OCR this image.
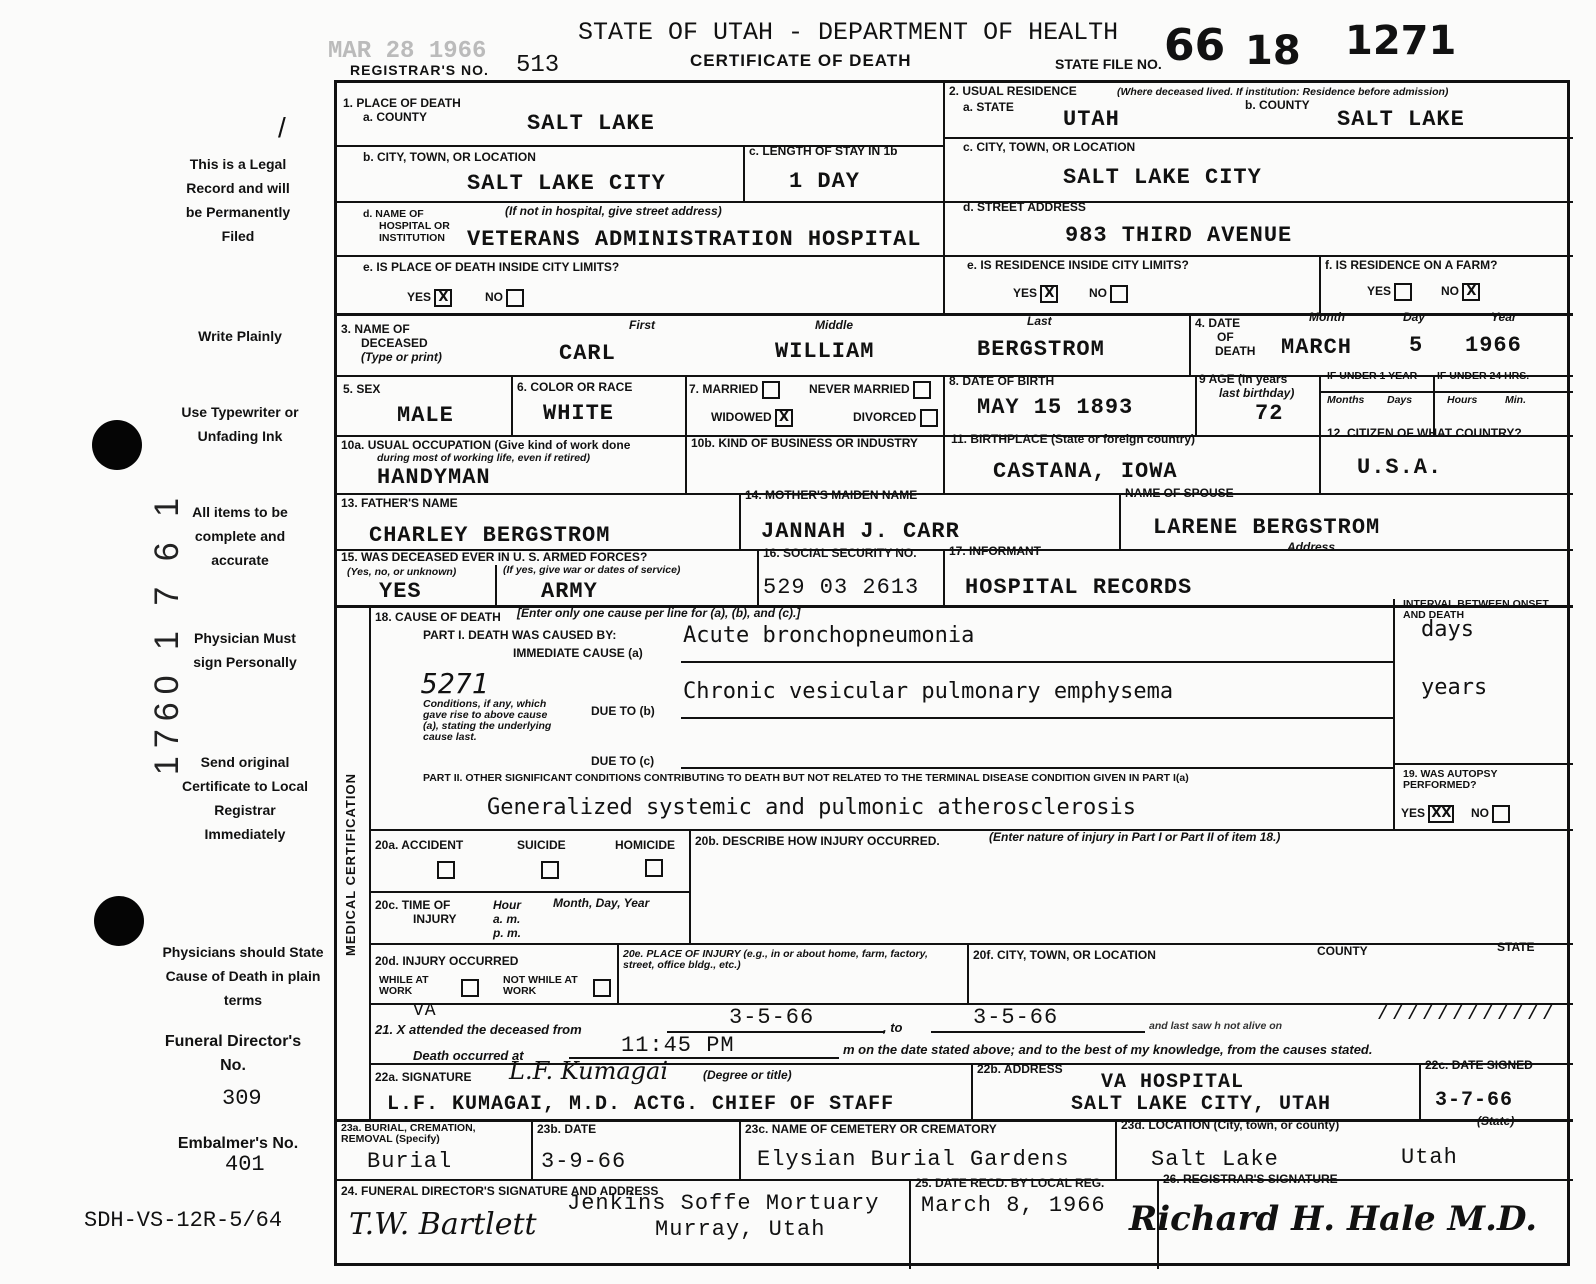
MAR 28 1966
STATE OF UTAH - DEPARTMENT OF HEALTH
REGISTRAR'S NO. 513	CERTIFICATE OF DEATH	STATE FILE NO. 66 18 1271
/
This is a Legal Record and will be Permanently Filed
Write Plainly
Use Typewriter or Unfading Ink
All items to be complete and accurate
Physician Must sign Personally
Send original Certificate to Local Registrar Immediately
Physicians should State Cause of Death in plain terms
Funeral Director's No.
309
Embalmer's No.
401
SDH-VS-12R-5/64
1760 1 7 6 1
1. PLACE OF DEATH
a. COUNTY	SALT LAKE
b. CITY, TOWN, OR LOCATION
SALT LAKE CITY
c. LENGTH OF STAY IN 1b
1 DAY
d. NAME OF
HOSPITAL OR
INSTITUTION
(If not in hospital, give street address)
VETERANS ADMINISTRATION HOSPITAL
e. IS PLACE OF DEATH INSIDE CITY LIMITS?
YES X	NO
2. USUAL RESIDENCE	(Where deceased lived. If institution: Residence before admission)
a. STATE UTAH
b. COUNTY
SALT LAKE
c. CITY, TOWN, OR LOCATION
SALT LAKE CITY
d. STREET ADDRESS
983 THIRD AVENUE
e. IS RESIDENCE INSIDE CITY LIMITS?
YES X	NO
f. IS RESIDENCE ON A FARM?
YES	NO X
3. NAME OF
DECEASED
(Type or print)
First	Middle	Last
CARL	WILLIAM	BERGSTROM
4. DATE
OF
DEATH
Month	Day	Year
MARCH	5 1966
5. SEX
MALE
6. COLOR OR RACE
WHITE
7. MARRIED	NEVER MARRIED
WIDOWED X	DIVORCED
8. DATE OF BIRTH
MAY 15 1893
9 AGE (In years
last birthday)
72
IF UNDER 1 YEAR IF UNDER 24 HRS.
Months Days	Hours	Min.
10a. USUAL OCCUPATION (Give kind of work done
during most of working life, even if retired)
HANDYMAN
10b. KIND OF BUSINESS OR INDUSTRY	11. BIRTHPLACE (State or foreign country)
CASTANA, IOWA
12. CITIZEN OF WHAT COUNTRY?
U.S.A.
13. FATHER'S NAME
CHARLEY BERGSTROM
14. MOTHER'S MAIDEN NAME
JANNAH J. CARR
NAME OF SPOUSE
LARENE BERGSTROM
15. WAS DECEASED EVER IN U. S. ARMED FORCES?
(Yes, no, or unknown)	(If yes, give war or dates of service)
YES	ARMY
16. SOCIAL SECURITY NO.
529 03 2613
17. INFORMANT	Address
HOSPITAL RECORDS
MEDICAL CERTIFICATION
18. CAUSE OF DEATH [Enter only one cause per line for (a), (b), and (c).]
INTERVAL BETWEEN ONSET AND DEATH
PART I. DEATH WAS CAUSED BY:
IMMEDIATE CAUSE (a)
Acute bronchopneumonia	days
5271
Conditions, if any, which gave rise to above cause (a), stating the underlying cause last.
DUE TO (b)
Chronic vesicular pulmonary emphysema	years
DUE TO (c)
PART II. OTHER SIGNIFICANT CONDITIONS CONTRIBUTING TO DEATH BUT NOT RELATED TO THE TERMINAL DISEASE CONDITION GIVEN IN PART I(a)
Generalized systemic and pulmonic atherosclerosis
19. WAS AUTOPSY PERFORMED?
YES XX NO
20a. ACCIDENT	SUICIDE	HOMICIDE 20b. DESCRIBE HOW INJURY OCCURRED.	(Enter nature of injury in Part I or Part II of item 18.)
20c. TIME OF
INJURY
Hour
a. m.
p. m.
Month, Day, Year
20d. INJURY OCCURRED
WHILE AT WORK
NOT WHILE AT WORK
20e. PLACE OF INJURY (e.g., in or about home, farm, factory, street, office bldg., etc.)
20f. CITY, TOWN, OR LOCATION	COUNTY	STATE
VA
21. X attended the deceased from	3-5-66	, to	3-5-66	and last saw h not alive on	////////////
Death occurred at	11:45 PM	m on the date stated above; and to the best of my knowledge, from the causes stated.
22a. SIGNATURE L.F. Kumagai	(Degree or title)
L.F. KUMAGAI, M.D. ACTG. CHIEF OF STAFF
22b. ADDRESS
VA HOSPITAL
SALT LAKE CITY, UTAH
22c. DATE SIGNED
3-7-66
23a. BURIAL, CREMATION, REMOVAL (Specify)
Burial
23b. DATE
3-9-66
23c. NAME OF CEMETERY OR CREMATORY
Elysian Burial Gardens
23d. LOCATION (City, town, or county)	(State)
Salt Lake	Utah
24. FUNERAL DIRECTOR'S SIGNATURE AND ADDRESS
T.W. Bartlett
Jenkins Soffe Mortuary
Murray, Utah
25. DATE RECD. BY LOCAL REG.
March 8, 1966
26. REGISTRAR'S SIGNATURE
Richard H. Hale M.D.
